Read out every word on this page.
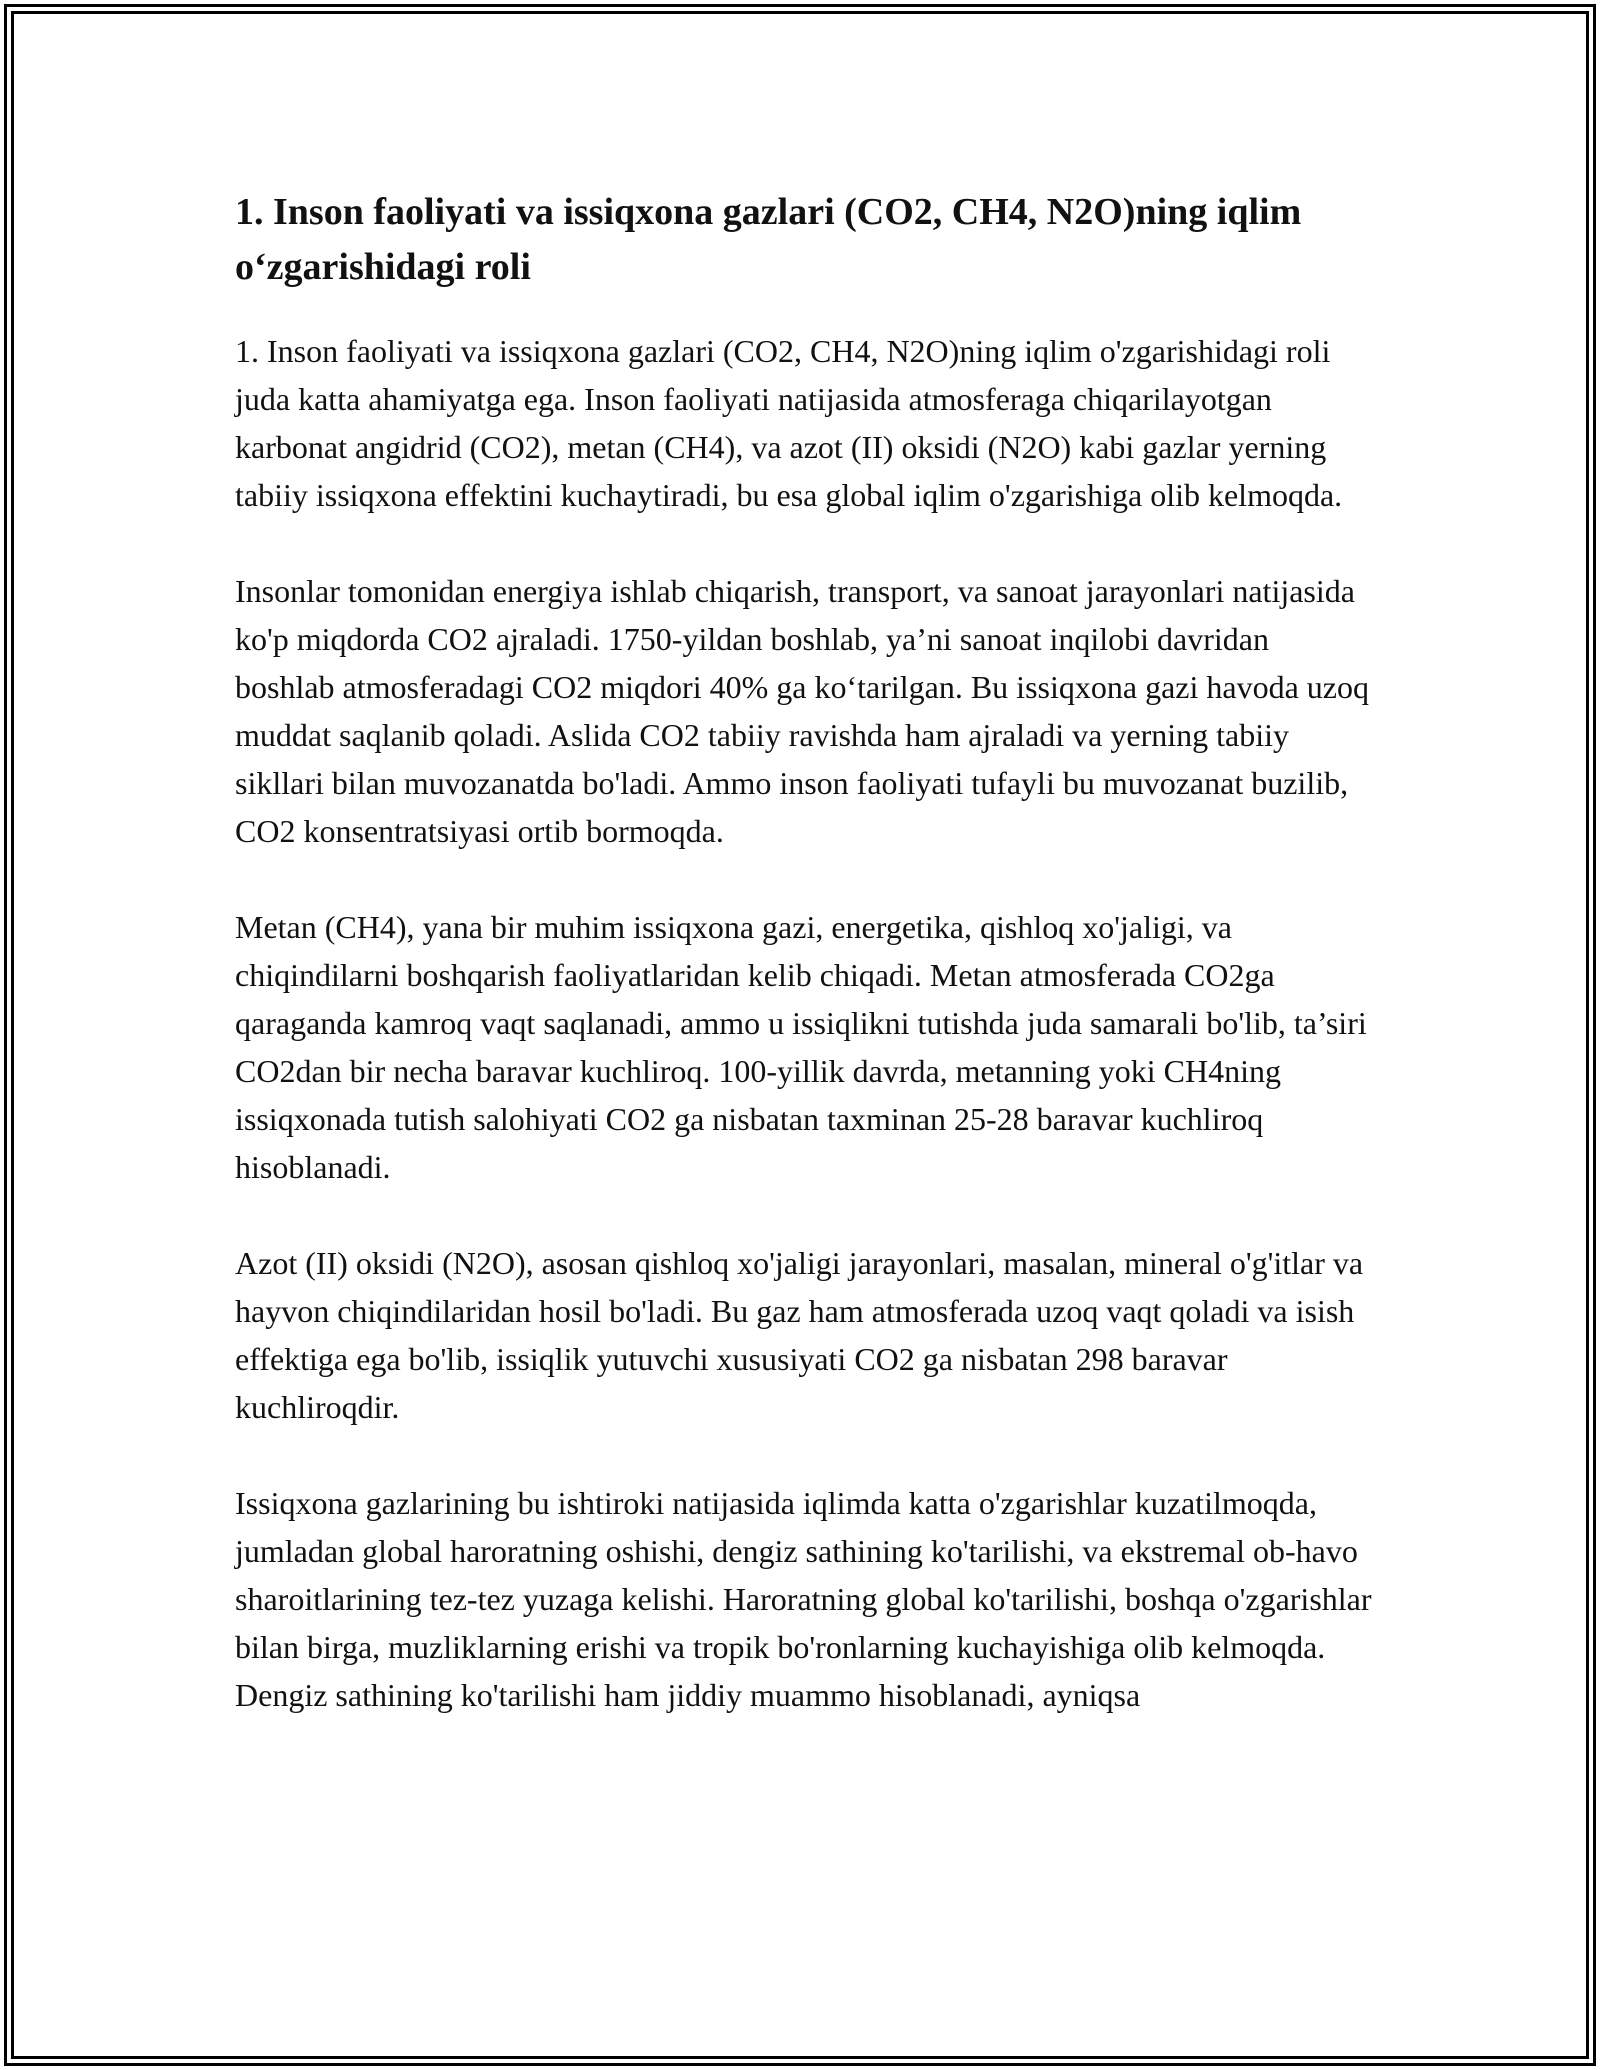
1. Inson faoliyati va issiqxona gazlari (CO2, CH4, N2O)ning iqlim o‘zgarishidagi roli

1. Inson faoliyati va issiqxona gazlari (CO2, CH4, N2O)ning iqlim o'zgarishidagi roli juda katta ahamiyatga ega. Inson faoliyati natijasida atmosferaga chiqarilayotgan karbonat angidrid (CO2), metan (CH4), va azot (II) oksidi (N2O) kabi gazlar yerning tabiiy issiqxona effektini kuchaytiradi, bu esa global iqlim o'zgarishiga olib kelmoqda.

Insonlar tomonidan energiya ishlab chiqarish, transport, va sanoat jarayonlari natijasida ko'p miqdorda CO2 ajraladi. 1750-yildan boshlab, ya’ni sanoat inqilobi davridan boshlab atmosferadagi CO2 miqdori 40% ga ko‘tarilgan. Bu issiqxona gazi havoda uzoq muddat saqlanib qoladi. Aslida CO2 tabiiy ravishda ham ajraladi va yerning tabiiy sikllari bilan muvozanatda bo'ladi. Ammo inson faoliyati tufayli bu muvozanat buzilib, CO2 konsentratsiyasi ortib bormoqda.

Metan (CH4), yana bir muhim issiqxona gazi, energetika, qishloq xo'jaligi, va chiqindilarni boshqarish faoliyatlaridan kelib chiqadi. Metan atmosferada CO2ga qaraganda kamroq vaqt saqlanadi, ammo u issiqlikni tutishda juda samarali bo'lib, ta’siri CO2dan bir necha baravar kuchliroq. 100-yillik davrda, metanning yoki CH4ning issiqxonada tutish salohiyati CO2 ga nisbatan taxminan 25-28 baravar kuchliroq hisoblanadi.

Azot (II) oksidi (N2O), asosan qishloq xo'jaligi jarayonlari, masalan, mineral o'g'itlar va hayvon chiqindilaridan hosil bo'ladi. Bu gaz ham atmosferada uzoq vaqt qoladi va isish effektiga ega bo'lib, issiqlik yutuvchi xususiyati CO2 ga nisbatan 298 baravar kuchliroqdir.

Issiqxona gazlarining bu ishtiroki natijasida iqlimda katta o'zgarishlar kuzatilmoqda, jumladan global haroratning oshishi, dengiz sathining ko'tarilishi, va ekstremal ob-havo sharoitlarining tez-tez yuzaga kelishi. Haroratning global ko'tarilishi, boshqa o'zgarishlar bilan birga, muzliklarning erishi va tropik bo'ronlarning kuchayishiga olib kelmoqda. Dengiz sathining ko'tarilishi ham jiddiy muammo hisoblanadi, ayniqsa
